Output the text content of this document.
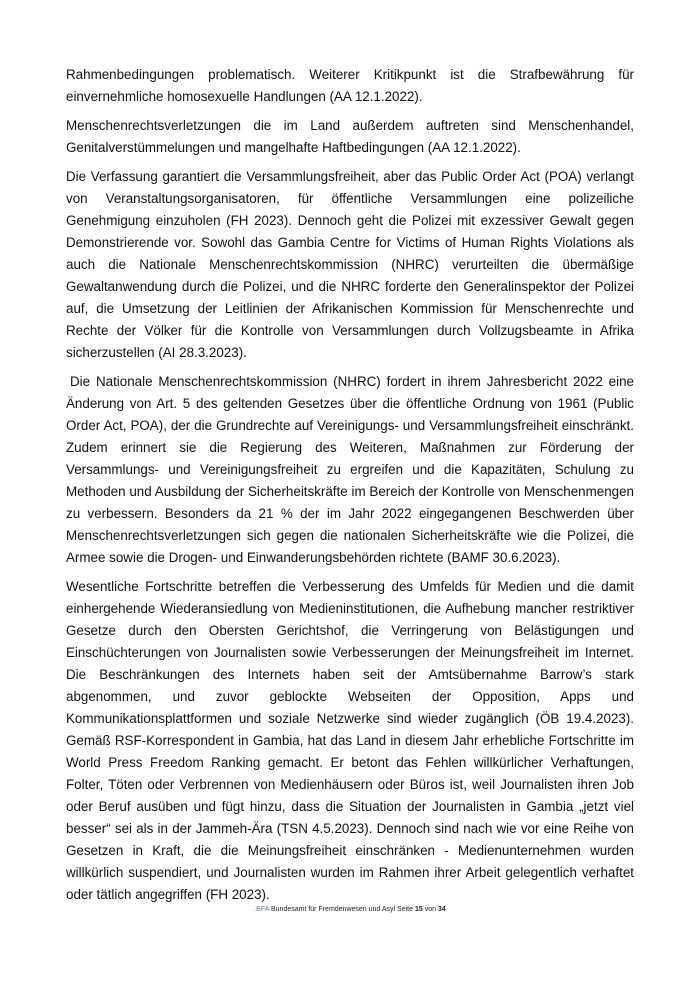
Rahmenbedingungen problematisch. Weiterer Kritikpunkt ist die Strafbewährung für einvernehmliche homosexuelle Handlungen (AA 12.1.2022).

Menschenrechtsverletzungen die im Land außerdem auftreten sind Menschenhandel, Genitalverstümmelungen und mangelhafte Haftbedingungen (AA 12.1.2022).

Die Verfassung garantiert die Versammlungsfreiheit, aber das Public Order Act (POA) verlangt von Veranstaltungsorganisatoren, für öffentliche Versammlungen eine polizeiliche Genehmigung einzuholen (FH 2023). Dennoch geht die Polizei mit exzessiver Gewalt gegen Demonstrierende vor. Sowohl das Gambia Centre for Victims of Human Rights Violations als auch die Nationale Menschenrechtskommission (NHRC) verurteilten die übermäßige Gewaltanwendung durch die Polizei, und die NHRC forderte den Generalinspektor der Polizei auf, die Umsetzung der Leitlinien der Afrikanischen Kommission für Menschenrechte und Rechte der Völker für die Kontrolle von Versammlungen durch Vollzugsbeamte in Afrika sicherzustellen (AI 28.3.2023).

Die Nationale Menschenrechtskommission (NHRC) fordert in ihrem Jahresbericht 2022 eine Änderung von Art. 5 des geltenden Gesetzes über die öffentliche Ordnung von 1961 (Public Order Act, POA), der die Grundrechte auf Vereinigungs- und Versammlungsfreiheit einschränkt. Zudem erinnert sie die Regierung des Weiteren, Maßnahmen zur Förderung der Versammlungs- und Vereinigungsfreiheit zu ergreifen und die Kapazitäten, Schulung zu Methoden und Ausbildung der Sicherheitskräfte im Bereich der Kontrolle von Menschenmengen zu verbessern. Besonders da 21 % der im Jahr 2022 eingegangenen Beschwerden über Menschenrechtsverletzungen sich gegen die nationalen Sicherheitskräfte wie die Polizei, die Armee sowie die Drogen- und Einwanderungsbehörden richtete (BAMF 30.6.2023).

Wesentliche Fortschritte betreffen die Verbesserung des Umfelds für Medien und die damit einhergehende Wiederansiedlung von Medieninstitutionen, die Aufhebung mancher restriktiver Gesetze durch den Obersten Gerichtshof, die Verringerung von Belästigungen und Einschüchterungen von Journalisten sowie Verbesserungen der Meinungsfreiheit im Internet. Die Beschränkungen des Internets haben seit der Amtsübernahme Barrow’s stark abgenommen, und zuvor geblockte Webseiten der Opposition, Apps und Kommunikationsplattformen und soziale Netzwerke sind wieder zugänglich (ÖB 19.4.2023). Gemäß RSF-Korrespondent in Gambia, hat das Land in diesem Jahr erhebliche Fortschritte im World Press Freedom Ranking gemacht. Er betont das Fehlen willkürlicher Verhaftungen, Folter, Töten oder Verbrennen von Medienhäusern oder Büros ist, weil Journalisten ihren Job oder Beruf ausüben und fügt hinzu, dass die Situation der Journalisten in Gambia „jetzt viel besser“ sei als in der Jammeh-Ära (TSN 4.5.2023). Dennoch sind nach wie vor eine Reihe von Gesetzen in Kraft, die die Meinungsfreiheit einschränken - Medienunternehmen wurden willkürlich suspendiert, und Journalisten wurden im Rahmen ihrer Arbeit gelegentlich verhaftet oder tätlich angegriffen (FH 2023).

.BFA Bundesamt für Fremdenwesen und Asyl Seite 15 von 34
